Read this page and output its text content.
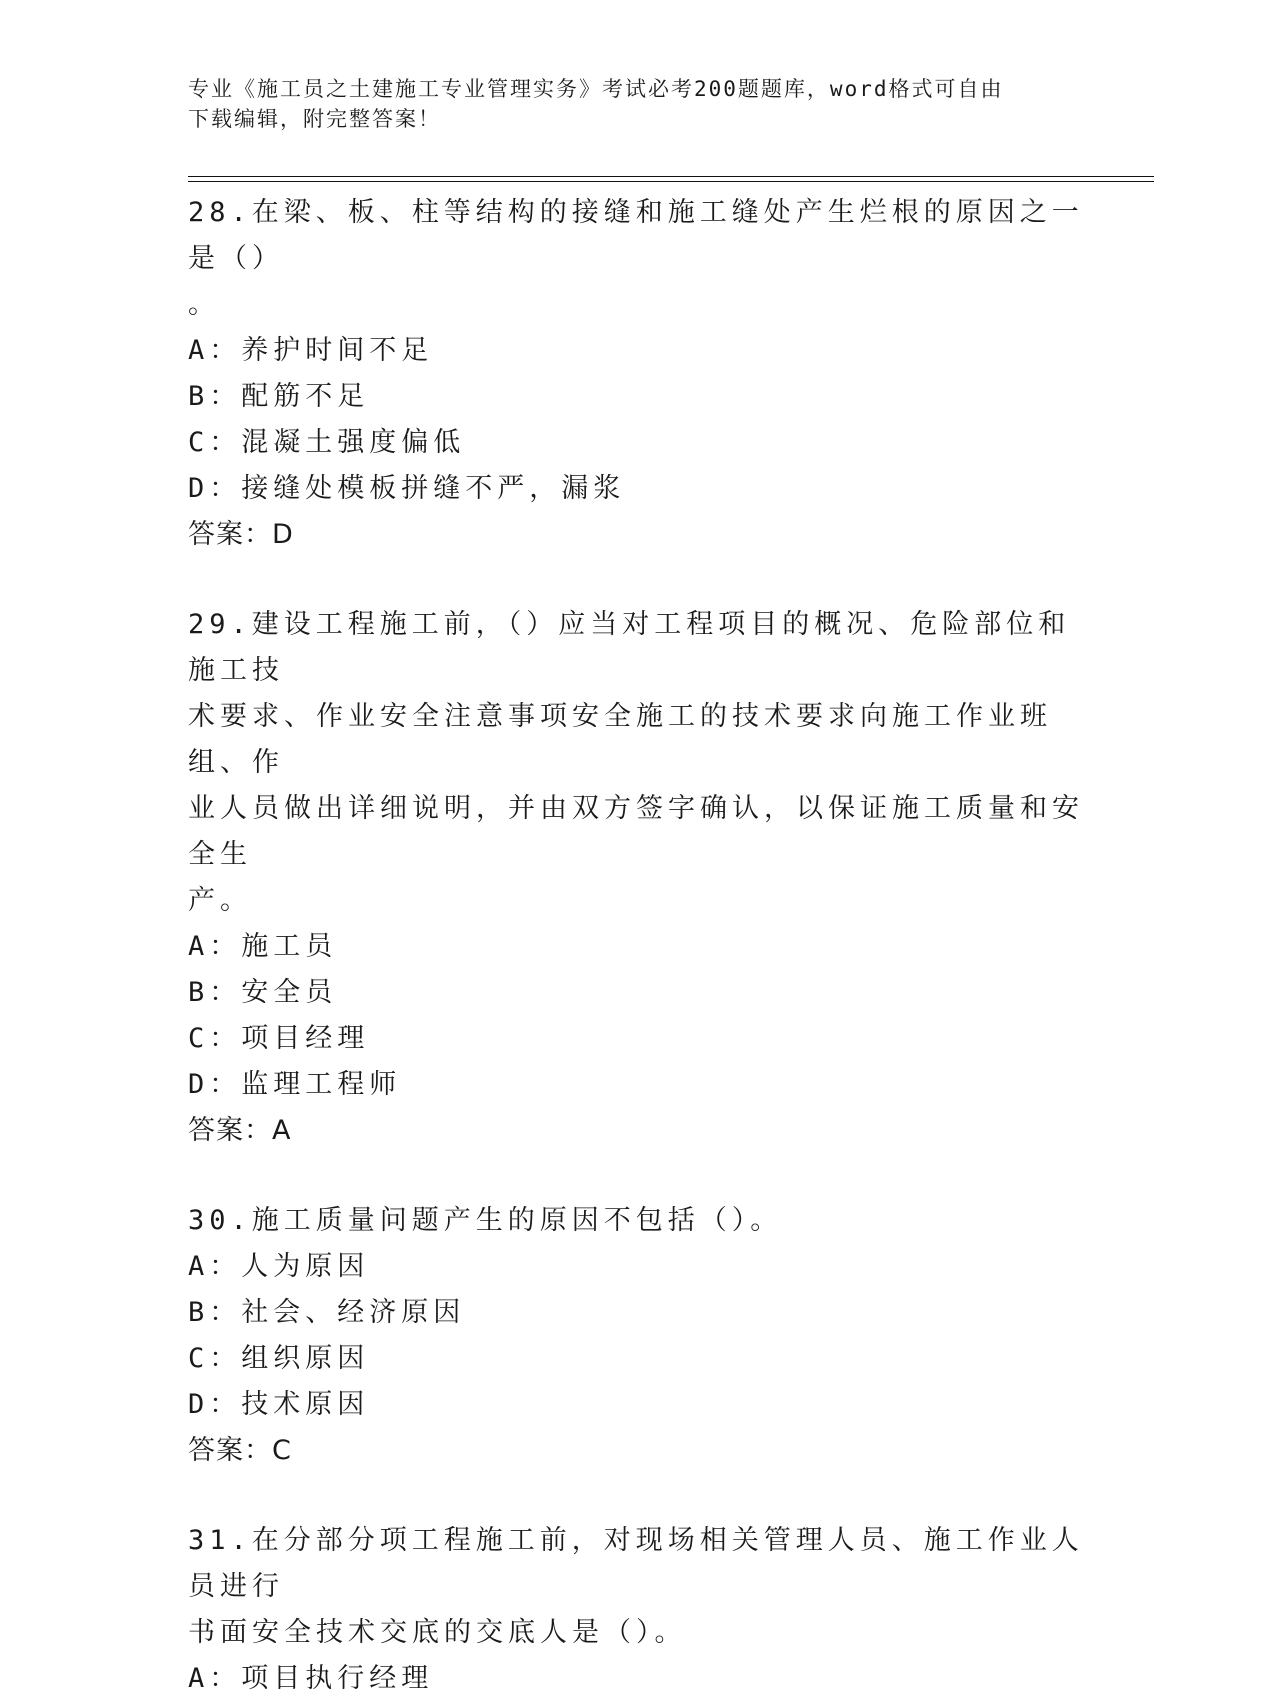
专业《施工员之土建施工专业管理实务》考试必考200题题库，word格式可自由

下载编辑，附完整答案！

28.在梁、板、柱等结构的接缝和施工缝处产生烂根的原因之一是（）

。

A：养护时间不足

B：配筋不足

C：混凝土强度偏低

D：接缝处模板拼缝不严，漏浆

答案：D

29.建设工程施工前，（）应当对工程项目的概况、危险部位和施工技

术要求、作业安全注意事项安全施工的技术要求向施工作业班组、作

业人员做出详细说明，并由双方签字确认，以保证施工质量和安全生

产。

A：施工员

B：安全员

C：项目经理

D：监理工程师

答案：A

30.施工质量问题产生的原因不包括（）。

A：人为原因

B：社会、经济原因

C：组织原因

D：技术原因

答案：C

31.在分部分项工程施工前，对现场相关管理人员、施工作业人员进行

书面安全技术交底的交底人是（）。

A：项目执行经理
